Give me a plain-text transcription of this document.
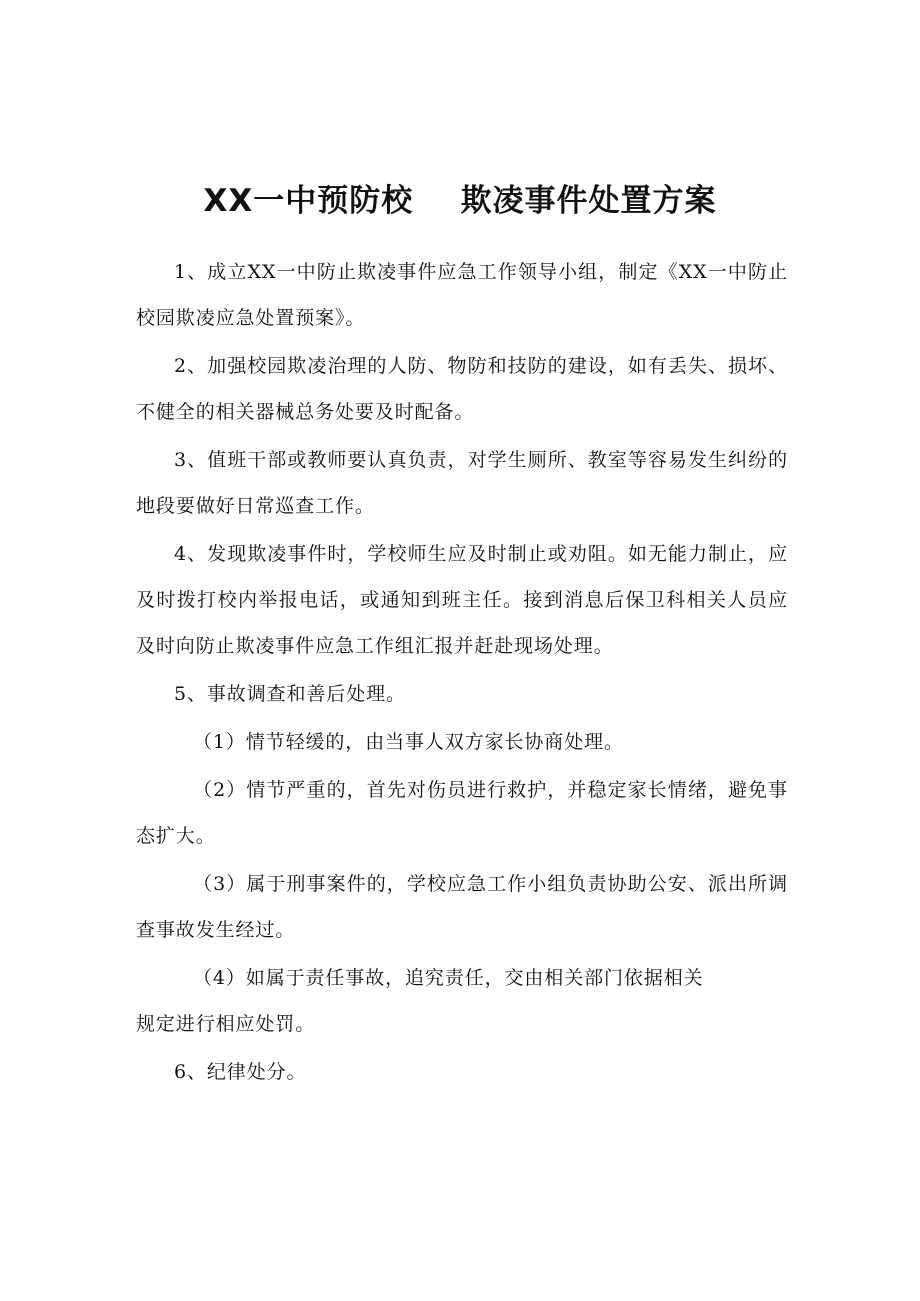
XX一中预防校    欺凌事件处置方案

1、成立XX一中防止欺凌事件应急工作领导小组，制定《XX一中防止校园欺凌应急处置预案》。

2、加强校园欺凌治理的人防、物防和技防的建设，如有丢失、损坏、不健全的相关器械总务处要及时配备。

3、值班干部或教师要认真负责，对学生厕所、教室等容易发生纠纷的地段要做好日常巡查工作。

4、发现欺凌事件时，学校师生应及时制止或劝阻。如无能力制止，应及时拨打校内举报电话，或通知到班主任。接到消息后保卫科相关人员应及时向防止欺凌事件应急工作组汇报并赶赴现场处理。

5、事故调查和善后处理。

（1）情节轻缓的，由当事人双方家长协商处理。

（2）情节严重的，首先对伤员进行救护，并稳定家长情绪，避免事态扩大。

（3）属于刑事案件的，学校应急工作小组负责协助公安、派出所调查事故发生经过。

（4）如属于责任事故，追究责任，交由相关部门依据相关
规定进行相应处罚。

6、纪律处分。
